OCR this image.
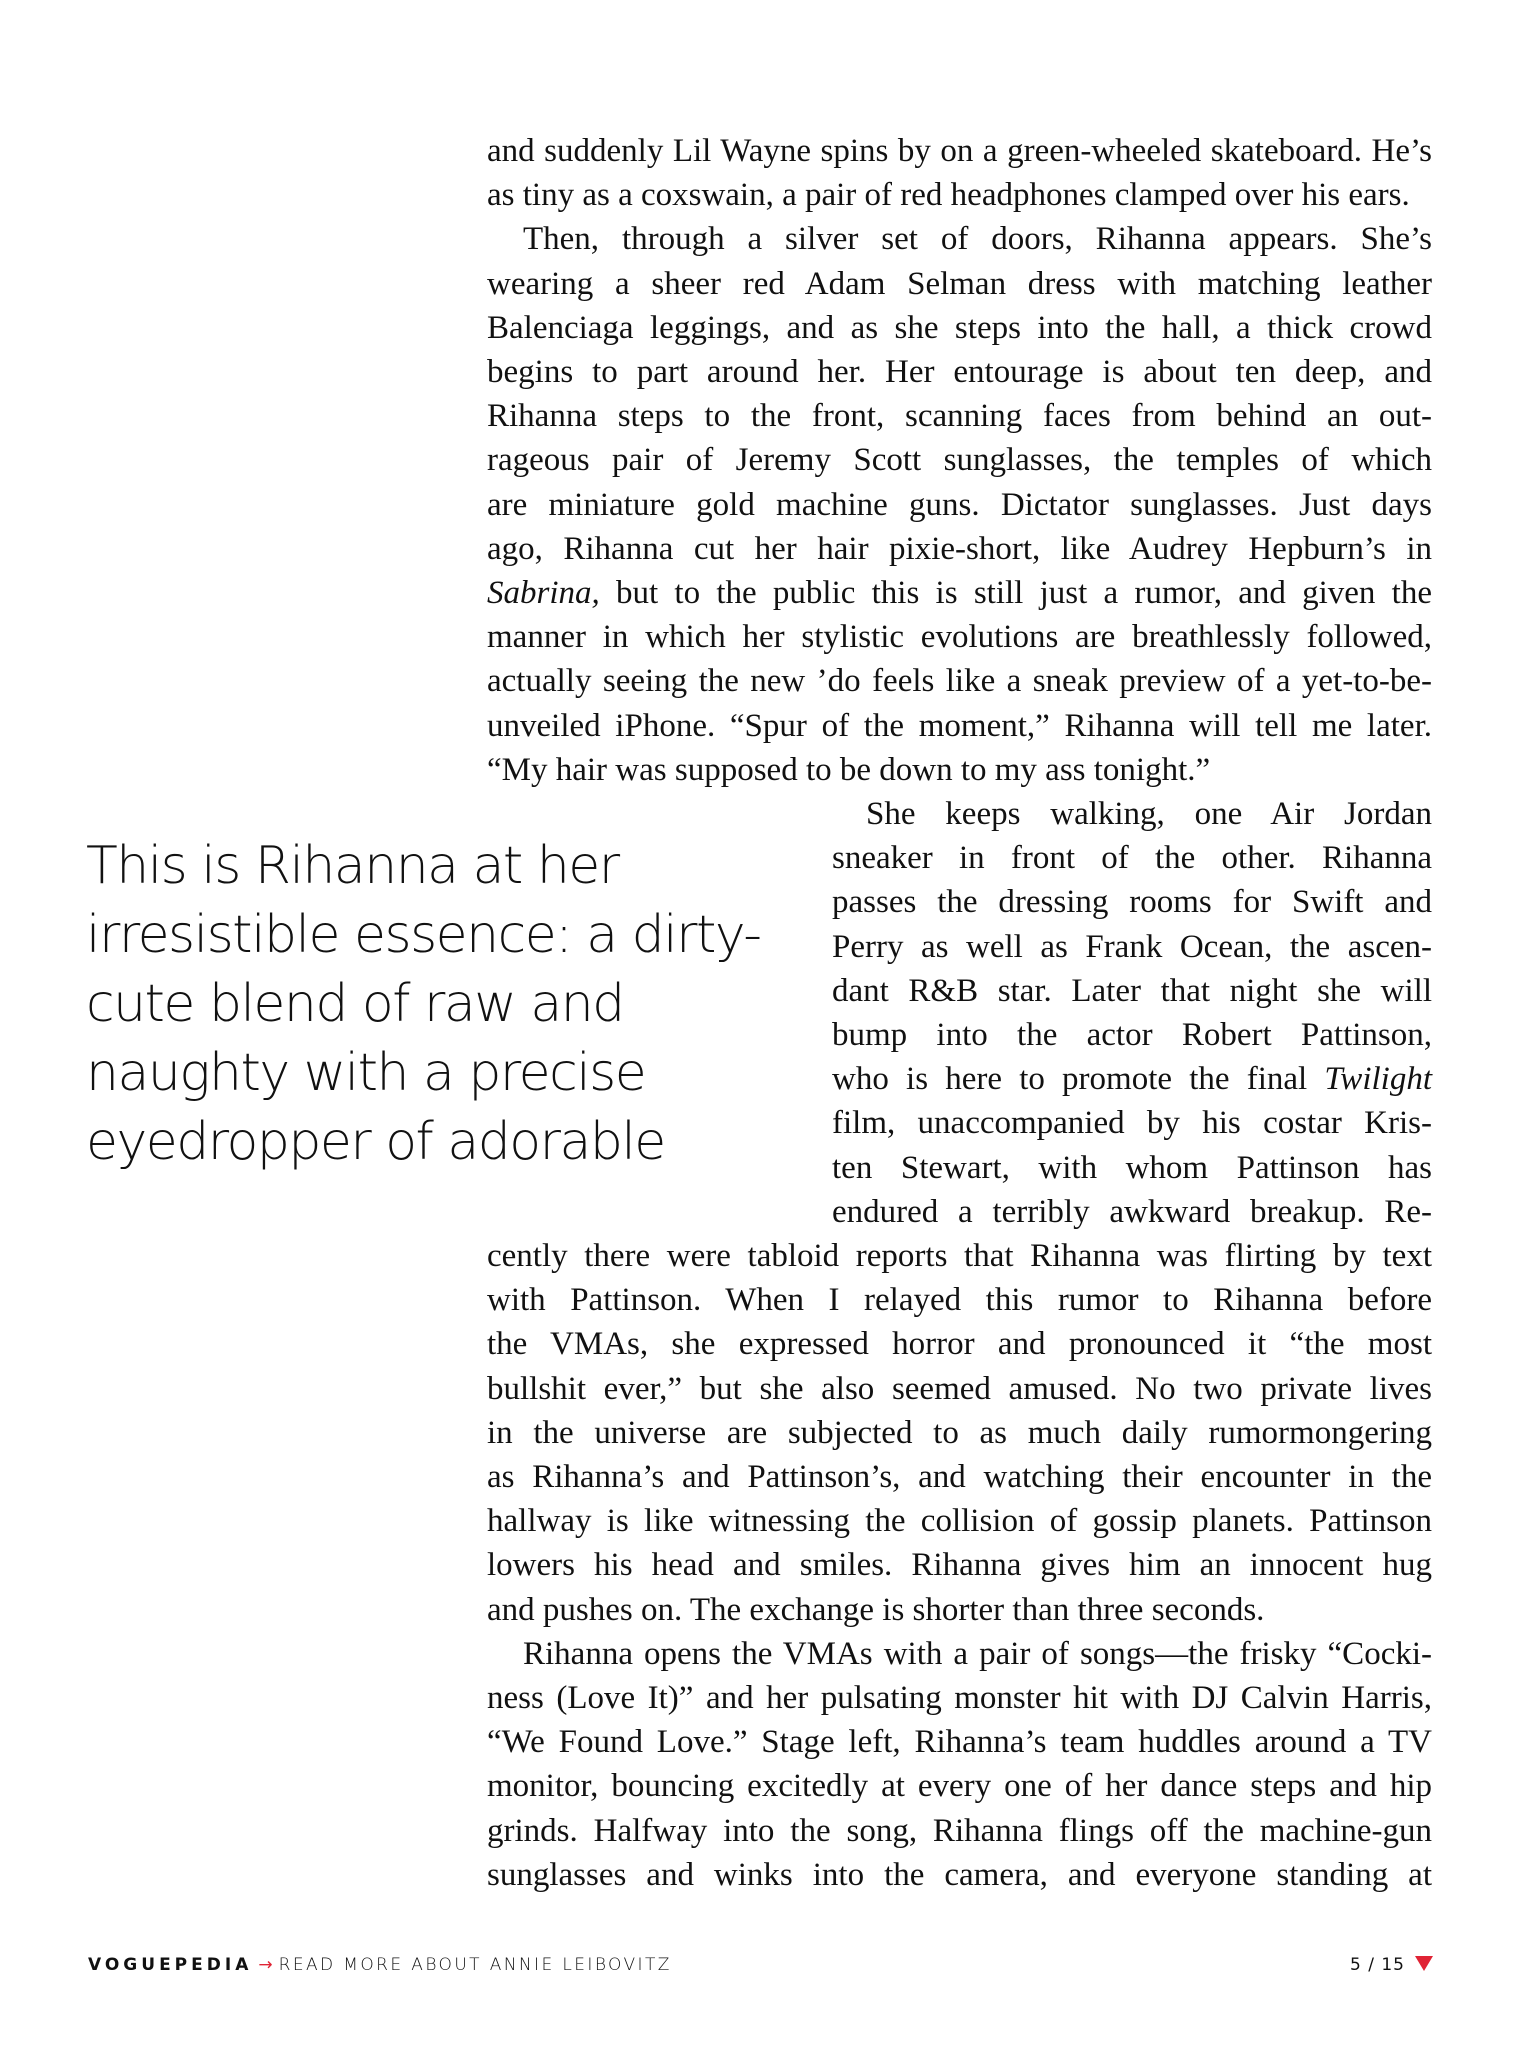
and suddenly Lil Wayne spins by on a green-wheeled skateboard. He’s
as tiny as a coxswain, a pair of red headphones clamped over his ears.
Then, through a silver set of doors, Rihanna appears. She’s
wearing a sheer red Adam Selman dress with matching leather
Balenciaga leggings, and as she steps into the hall, a thick crowd
begins to part around her. Her entourage is about ten deep, and
Rihanna steps to the front, scanning faces from behind an out-
rageous pair of Jeremy Scott sunglasses, the temples of which
are miniature gold machine guns. Dictator sunglasses. Just days
ago, Rihanna cut her hair pixie-short, like Audrey Hepburn’s in
Sabrina, but to the public this is still just a rumor, and given the
manner in which her stylistic evolutions are breathlessly followed,
actually seeing the new ’do feels like a sneak preview of a yet-to-be-
unveiled iPhone. “Spur of the moment,” Rihanna will tell me later.
“My hair was supposed to be down to my ass tonight.”
She keeps walking, one Air Jordan
sneaker in front of the other. Rihanna
passes the dressing rooms for Swift and
Perry as well as Frank Ocean, the ascen-
dant R&B star. Later that night she will
bump into the actor Robert Pattinson,
who is here to promote the final Twilight
film, unaccompanied by his costar Kris-
ten Stewart, with whom Pattinson has
endured a terribly awkward breakup. Re-
cently there were tabloid reports that Rihanna was flirting by text
with Pattinson. When I relayed this rumor to Rihanna before
the VMAs, she expressed horror and pronounced it “the most
bullshit ever,” but she also seemed amused. No two private lives
in the universe are subjected to as much daily rumormongering
as Rihanna’s and Pattinson’s, and watching their encounter in the
hallway is like witnessing the collision of gossip planets. Pattinson
lowers his head and smiles. Rihanna gives him an innocent hug
and pushes on. The exchange is shorter than three seconds.
Rihanna opens the VMAs with a pair of songs—the frisky “Cocki-
ness (Love It)” and her pulsating monster hit with DJ Calvin Harris,
“We Found Love.” Stage left, Rihanna’s team huddles around a TV
monitor, bouncing excitedly at every one of her dance steps and hip
grinds. Halfway into the song, Rihanna flings off the machine-gun
sunglasses and winks into the camera, and everyone standing at
This is Rihanna at her
irresistible essence: a dirty-
cute blend of raw and
naughty with a precise
eyedropper of adorable
VOGUEPEDIA → READ MORE ABOUT ANNIE LEIBOVITZ	5 / 15
